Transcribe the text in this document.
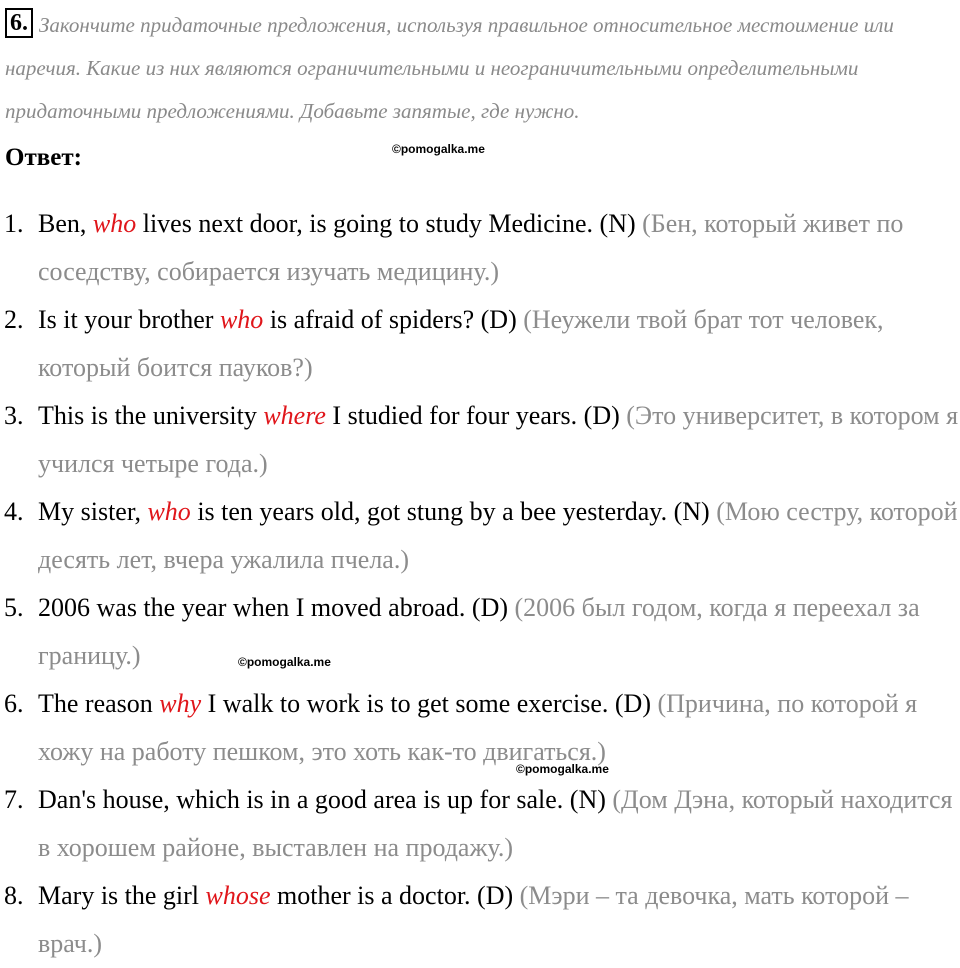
6. Закончите придаточные предложения, используя правильное относительное местоимение или наречия. Какие из них являются ограничительными и неограничительными определительными придаточными предложениями. Добавьте запятые, где нужно.

Ответ:	©pomogalka.me
©pomogalka.me
©pomogalka.me
1. Ben, who lives next door, is going to study Medicine. (N) (Бен, который живет по соседству, собирается изучать медицину.)
2. Is it your brother who is afraid of spiders? (D) (Неужели твой брат тот человек, который боится пауков?)
3. This is the university where I studied for four years. (D) (Это университет, в котором я учился четыре года.)
4. My sister, who is ten years old, got stung by a bee yesterday. (N) (Мою сестру, которой десять лет, вчера ужалила пчела.)
5. 2006 was the year when I moved abroad. (D) (2006 был годом, когда я переехал за границу.)
6. The reason why I walk to work is to get some exercise. (D) (Причина, по которой я хожу на работу пешком, это хоть как-то двигаться.)
7. Dan's house, which is in a good area is up for sale. (N) (Дом Дэна, который находится в хорошем районе, выставлен на продажу.)
8. Mary is the girl whose mother is a doctor. (D) (Мэри – та девочка, мать которой – врач.)
